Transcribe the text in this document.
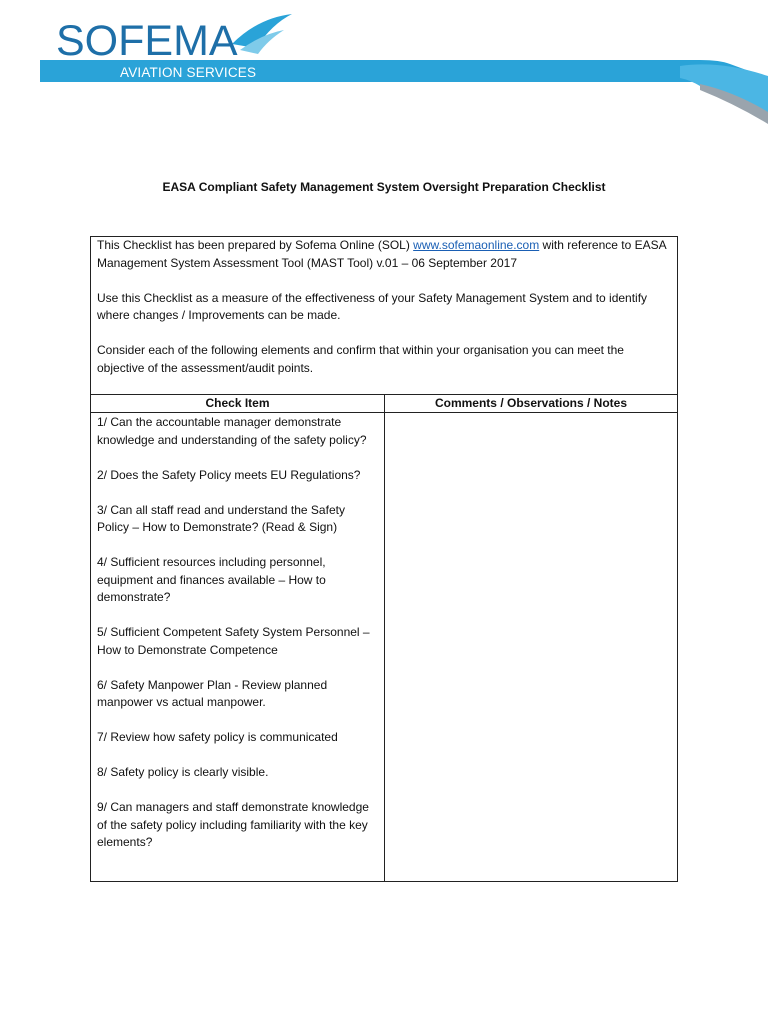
SOFEMA
AVIATION SERVICES
EASA Compliant Safety Management System Oversight Preparation Checklist

This Checklist has been prepared by Sofema Online (SOL) www.sofemaonline.com with reference to EASA Management System Assessment Tool (MAST Tool) v.01 – 06 September 2017

Use this Checklist as a measure of the effectiveness of your Safety Management System and to identify where changes / Improvements can be made.

Consider each of the following elements and confirm that within your organisation you can meet the objective of the assessment/audit points.

Check Item	Comments / Observations / Notes

1/ Can the accountable manager demonstrate knowledge and understanding of the safety policy?

2/ Does the Safety Policy meets EU Regulations?

3/ Can all staff read and understand the Safety Policy – How to Demonstrate? (Read & Sign)

4/ Sufficient resources including personnel, equipment and finances available – How to demonstrate?

5/ Sufficient Competent Safety System Personnel – How to Demonstrate Competence

6/ Safety Manpower Plan - Review planned manpower vs actual manpower.

7/ Review how safety policy is communicated

8/ Safety policy is clearly visible.

9/ Can managers and staff demonstrate knowledge of the safety policy including familiarity with the key elements?
